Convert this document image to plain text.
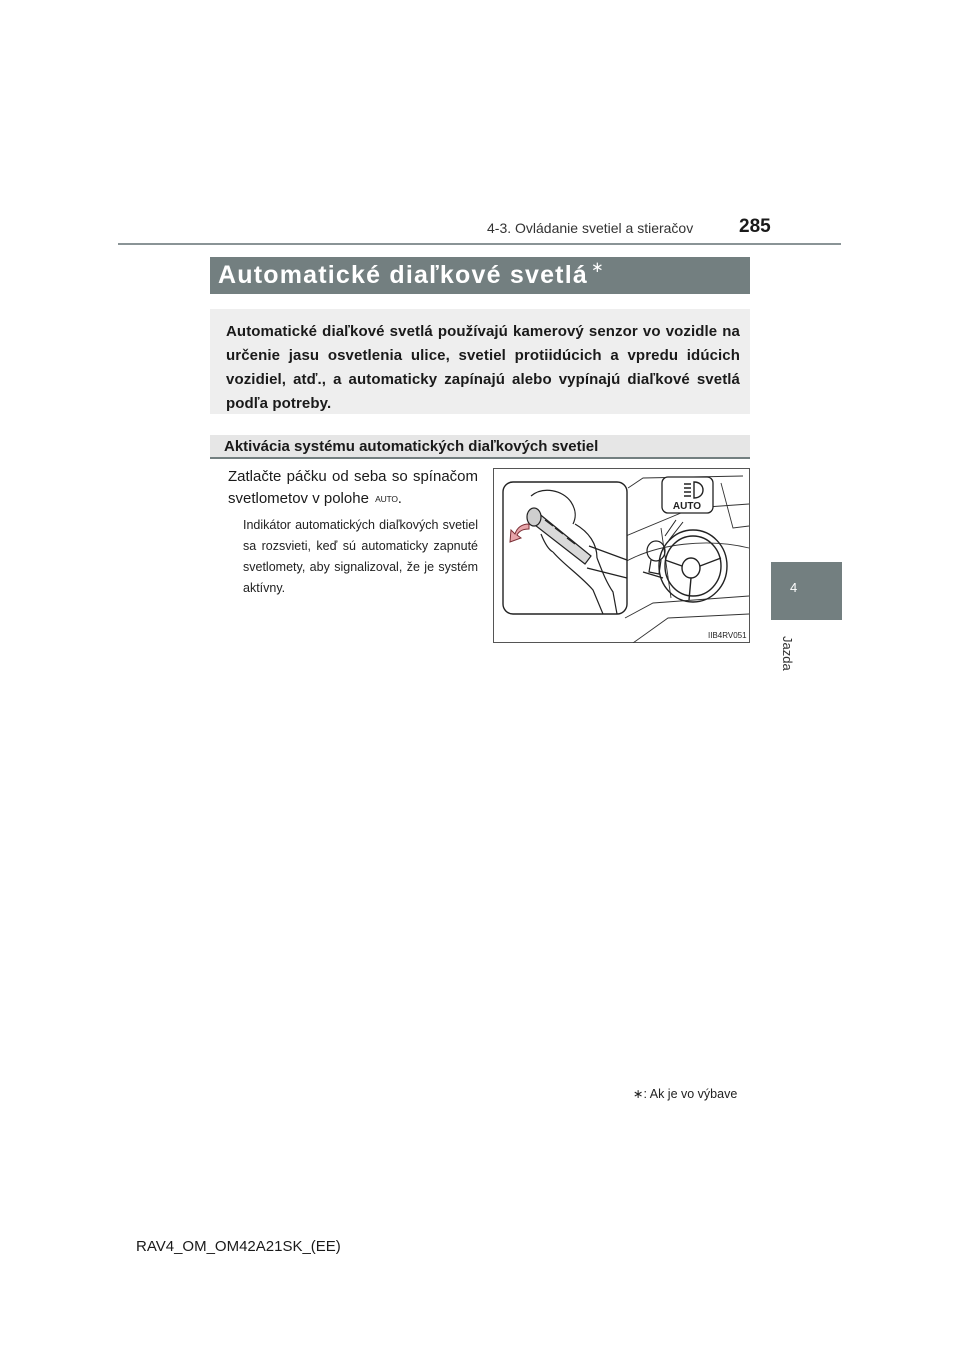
4-3. Ovládanie svetiel a stieračov 285
4
Jazda
Automatické diaľkové svetlá ∗
Automatické diaľkové svetlá používajú kamerový senzor vo vozidle na určenie jasu osvetlenia ulice, svetiel protiidúcich a vpredu idúcich vozidiel, atď., a automaticky zapínajú alebo vypínajú diaľkové svetlá podľa potreby.
Aktivácia systému automatických diaľkových svetiel
Zatlačte páčku od seba so spínačom svetlometov v polohe AUTO.
Indikátor automatických diaľkových svetiel sa rozsvieti, keď sú automaticky zapnuté svetlomety, aby signalizoval, že je systém aktívny.
AUTO
IIB4RV051
∗: Ak je vo výbave
RAV4_OM_OM42A21SK_(EE)
